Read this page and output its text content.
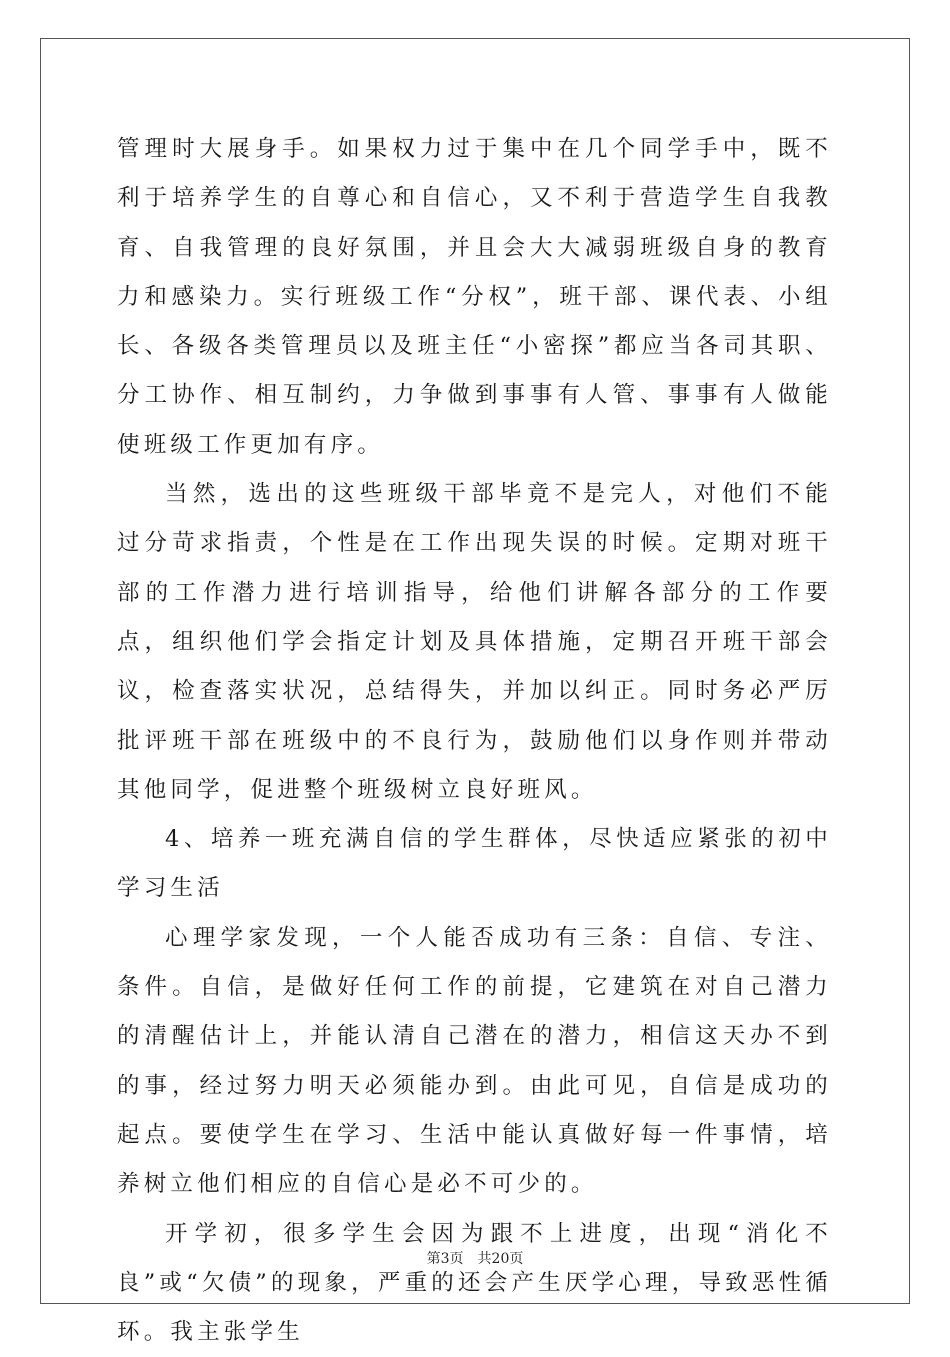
管理时大展身手。如果权力过于集中在几个同学手中，既不利于培养学生的自尊心和自信心，又不利于营造学生自我教育、自我管理的良好氛围，并且会大大减弱班级自身的教育力和感染力。实行班级工作“分权”，班干部、课代表、小组长、各级各类管理员以及班主任“小密探”都应当各司其职、分工协作、相互制约，力争做到事事有人管、事事有人做能使班级工作更加有序。

当然，选出的这些班级干部毕竟不是完人，对他们不能过分苛求指责，个性是在工作出现失误的时候。定期对班干部的工作潜力进行培训指导，给他们讲解各部分的工作要点，组织他们学会指定计划及具体措施，定期召开班干部会议，检查落实状况，总结得失，并加以纠正。同时务必严厉批评班干部在班级中的不良行为，鼓励他们以身作则并带动其他同学，促进整个班级树立良好班风。

4、培养一班充满自信的学生群体，尽快适应紧张的初中学习生活

心理学家发现，一个人能否成功有三条：自信、专注、条件。自信，是做好任何工作的前提，它建筑在对自己潜力的清醒估计上，并能认清自己潜在的潜力，相信这天办不到的事，经过努力明天必须能办到。由此可见，自信是成功的起点。要使学生在学习、生活中能认真做好每一件事情，培养树立他们相应的自信心是必不可少的。

开学初，很多学生会因为跟不上进度，出现“消化不良”或“欠债”的现象，严重的还会产生厌学心理，导致恶性循环。我主张学生

第3页 共20页
